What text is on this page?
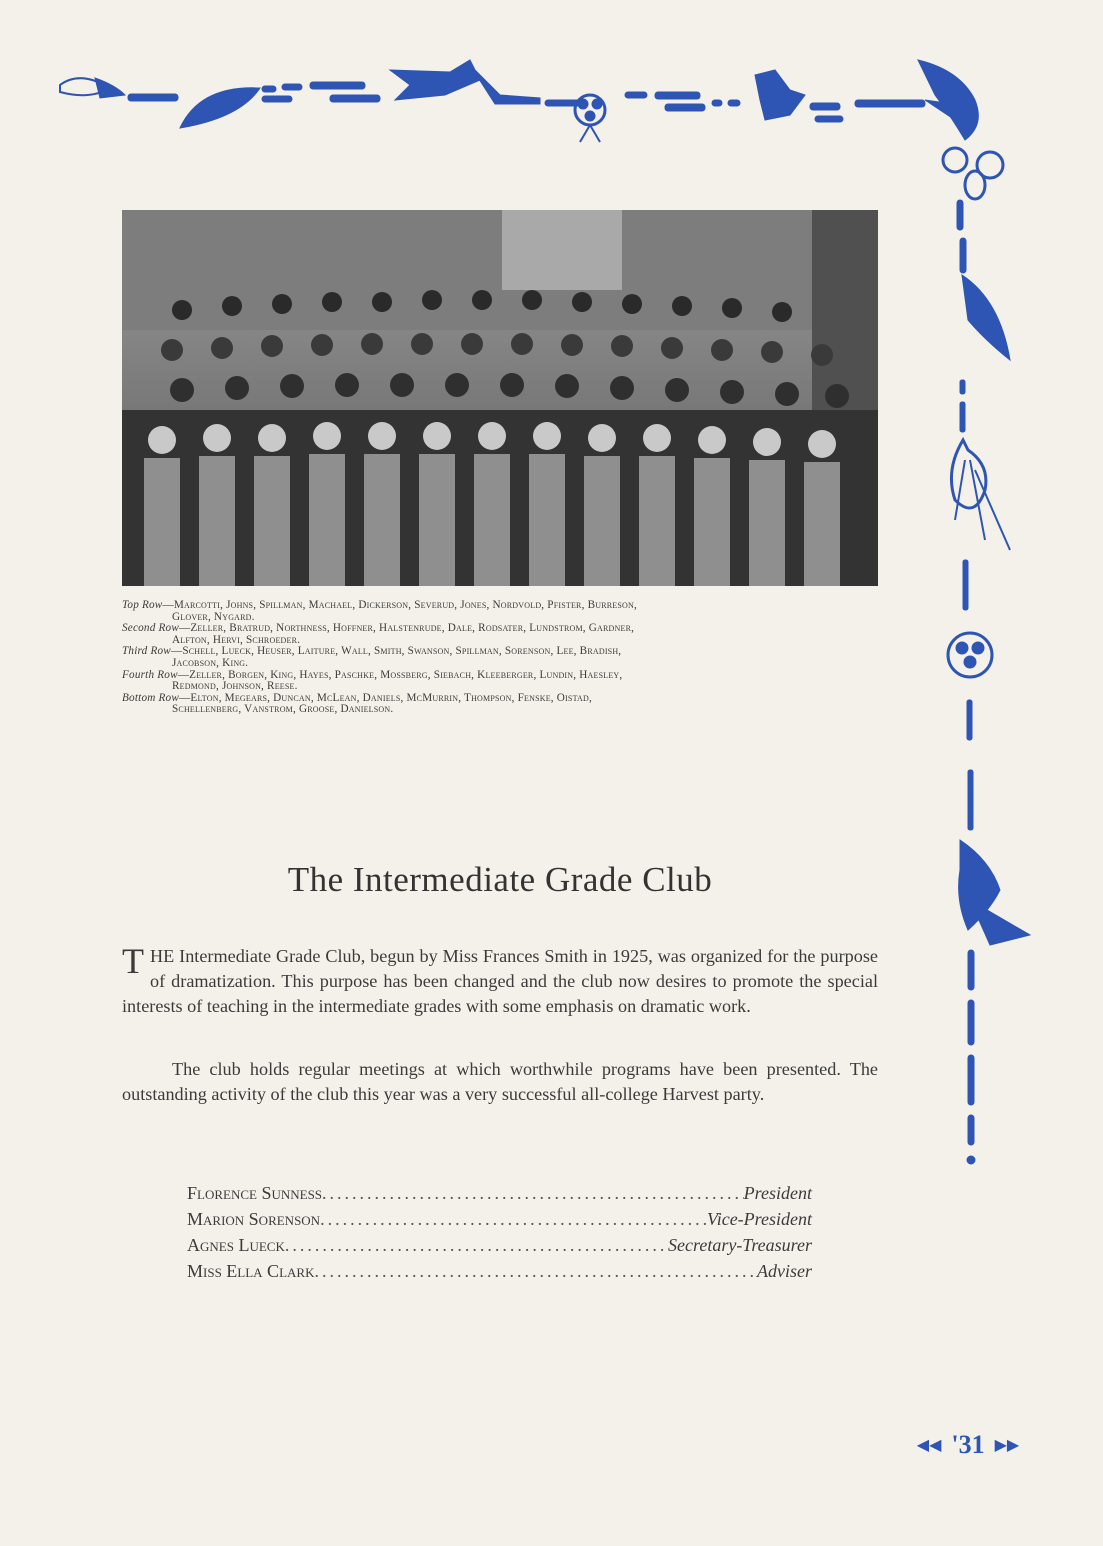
Top Row—Marcotti, Johns, Spillman, Machael, Dickerson, Severud, Jones, Nordvold, Pfister, Burreson,
Glover, Nygard.

Second Row—Zeller, Bratrud, Northness, Hoffner, Halstenrude, Dale, Rodsater, Lundstrom, Gardner,
Alfton, Hervi, Schroeder.

Third Row—Schell, Lueck, Heuser, Laiture, Wall, Smith, Swanson, Spillman, Sorenson, Lee, Bradish,
Jacobson, King.

Fourth Row—Zeller, Borgen, King, Hayes, Paschke, Mossberg, Siebach, Kleeberger, Lundin, Haesley,
Redmond, Johnson, Reese.

Bottom Row—Elton, Megears, Duncan, McLean, Daniels, McMurrin, Thompson, Fenske, Oistad,
Schellenberg, Vanstrom, Groose, Danielson.

The Intermediate Grade Club

THE Intermediate Grade Club, begun by Miss Frances Smith in 1925, was organized for the purpose of dramatization. This purpose has been changed and the club now desires to promote the special interests of teaching in the intermediate grades with some emphasis on dramatic work.

The club holds regular meetings at which worthwhile programs have been presented. The outstanding activity of the club this year was a very successful all-college Harvest party.

Florence Sunness .....	President
Marion Sorenson .....	Vice-President
Agnes Lueck .....	Secretary-Treasurer
Miss Ella Clark .....	Adviser
◀◀ '31 ▶▶
